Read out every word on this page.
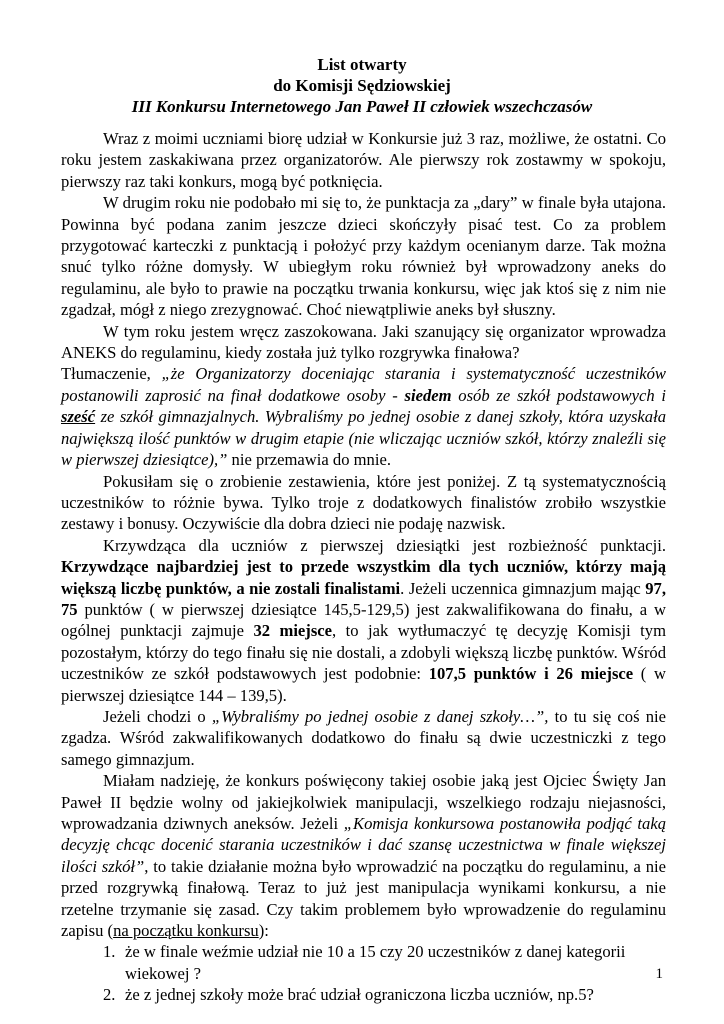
List otwarty
do Komisji Sędziowskiej
III Konkursu Internetowego Jan Paweł II człowiek wszechczasów

Wraz z moimi uczniami biorę udział w Konkursie już 3 raz, możliwe, że ostatni. Co roku jestem zaskakiwana przez organizatorów. Ale pierwszy rok zostawmy w spokoju, pierwszy raz taki konkurs, mogą być potknięcia.

W drugim roku nie podobało mi się to, że punktacja za „dary” w finale była utajona. Powinna być podana zanim jeszcze dzieci skończyły pisać test. Co za problem przygotować karteczki z punktacją i położyć przy każdym ocenianym darze. Tak można snuć tylko różne domysły. W ubiegłym roku również był wprowadzony aneks do regulaminu, ale było to prawie na początku trwania konkursu, więc jak ktoś się z nim nie zgadzał, mógł z niego zrezygnować. Choć niewątpliwie aneks był słuszny.

W tym roku jestem wręcz zaszokowana. Jaki szanujący się organizator wprowadza ANEKS do regulaminu, kiedy została już tylko rozgrywka finałowa?

Tłumaczenie, „że Organizatorzy doceniając starania i systematyczność uczestników postanowili zaprosić na finał dodatkowe osoby - siedem osób ze szkół podstawowych i sześć ze szkół gimnazjalnych. Wybraliśmy po jednej osobie z danej szkoły, która uzyskała największą ilość punktów w drugim etapie (nie wliczając uczniów szkół, którzy znaleźli się w pierwszej dziesiątce),” nie przemawia do mnie.

Pokusiłam się o zrobienie zestawienia, które jest poniżej. Z tą systematycznością uczestników to różnie bywa. Tylko troje z dodatkowych finalistów zrobiło wszystkie zestawy i bonusy. Oczywiście dla dobra dzieci nie podaję nazwisk.

Krzywdząca dla uczniów z pierwszej dziesiątki jest rozbieżność punktacji. Krzywdzące najbardziej jest to przede wszystkim dla tych uczniów, którzy mają większą liczbę punktów, a nie zostali finalistami. Jeżeli uczennica gimnazjum mając 97, 75 punktów ( w pierwszej dziesiątce 145,5-129,5) jest zakwalifikowana do finału, a w ogólnej punktacji zajmuje 32 miejsce, to jak wytłumaczyć tę decyzję Komisji tym pozostałym, którzy do tego finału się nie dostali, a zdobyli większą liczbę punktów. Wśród uczestników ze szkół podstawowych jest podobnie: 107,5 punktów i 26 miejsce ( w pierwszej dziesiątce 144 – 139,5).

Jeżeli chodzi o „Wybraliśmy po jednej osobie z danej szkoły…”, to tu się coś nie zgadza. Wśród zakwalifikowanych dodatkowo do finału są dwie uczestniczki z tego samego gimnazjum.

Miałam nadzieję, że konkurs poświęcony takiej osobie jaką jest Ojciec Święty Jan Paweł II będzie wolny od jakiejkolwiek manipulacji, wszelkiego rodzaju niejasności, wprowadzania dziwnych aneksów. Jeżeli „Komisja konkursowa postanowiła podjąć taką decyzję chcąc docenić starania uczestników i dać szansę uczestnictwa w finale większej ilości szkół”, to takie działanie można było wprowadzić na początku do regulaminu, a nie przed rozgrywką finałową. Teraz to już jest manipulacja wynikami konkursu, a nie rzetelne trzymanie się zasad. Czy takim problemem było wprowadzenie do regulaminu zapisu (na początku konkursu):

1. że w finale weźmie udział nie 10 a 15 czy 20 uczestników z danej kategorii wiekowej ?
2. że z jednej szkoły może brać udział ograniczona liczba uczniów, np.5?
1
